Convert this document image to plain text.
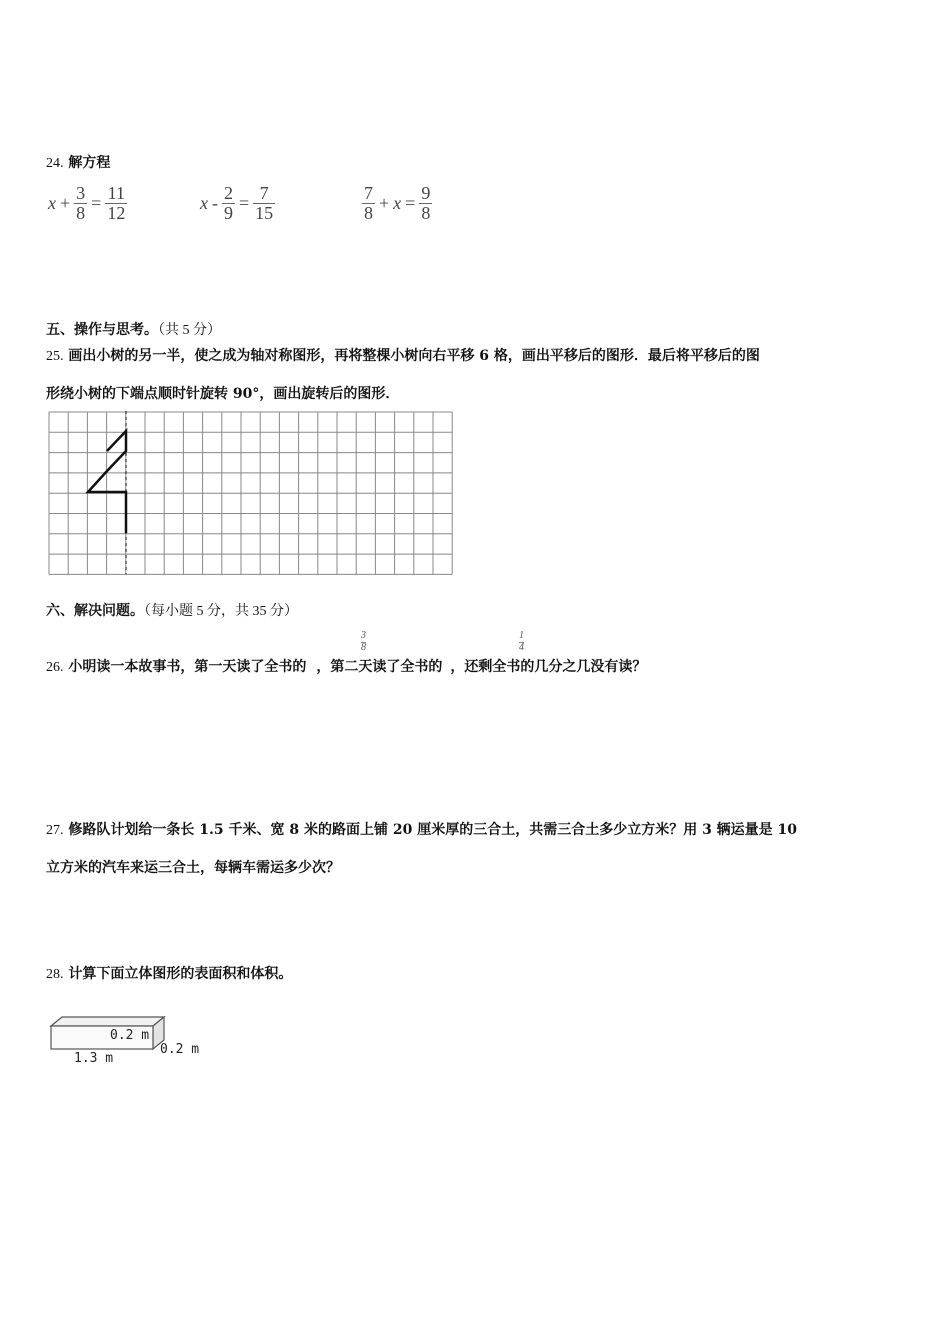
24. 解方程
$x + \frac{3}{8} = \frac{11}{12}$	$x - \frac{2}{9} = \frac{7}{15}$	$\frac{7}{8} + x = \frac{9}{8}$
五、操作与思考。（共 5 分）
25. 画出小树的另一半，使之成为轴对称图形，再将整棵小树向右平移 6 格，画出平移后的图形．最后将平移后的图
形绕小树的下端点顺时针旋转 90°，画出旋转后的图形．
六、解决问题。（每小题 5 分，共 35 分）
26. 小明读一本故事书，第一天读了全书的 ，第二天读了全书的 ，还剩全书的几分之几没有读？
$\frac{3}{8}$	$\frac{1}{4}$
27. 修路队计划给一条长 1.5 千米、宽 8 米的路面上铺 20 厘米厚的三合土，共需三合土多少立方米？用 3 辆运量是 10
立方米的汽车来运三合土，每辆车需运多少次？
28. 计算下面立体图形的表面积和体积。
0.2 m
0.2 m
1.3 m
